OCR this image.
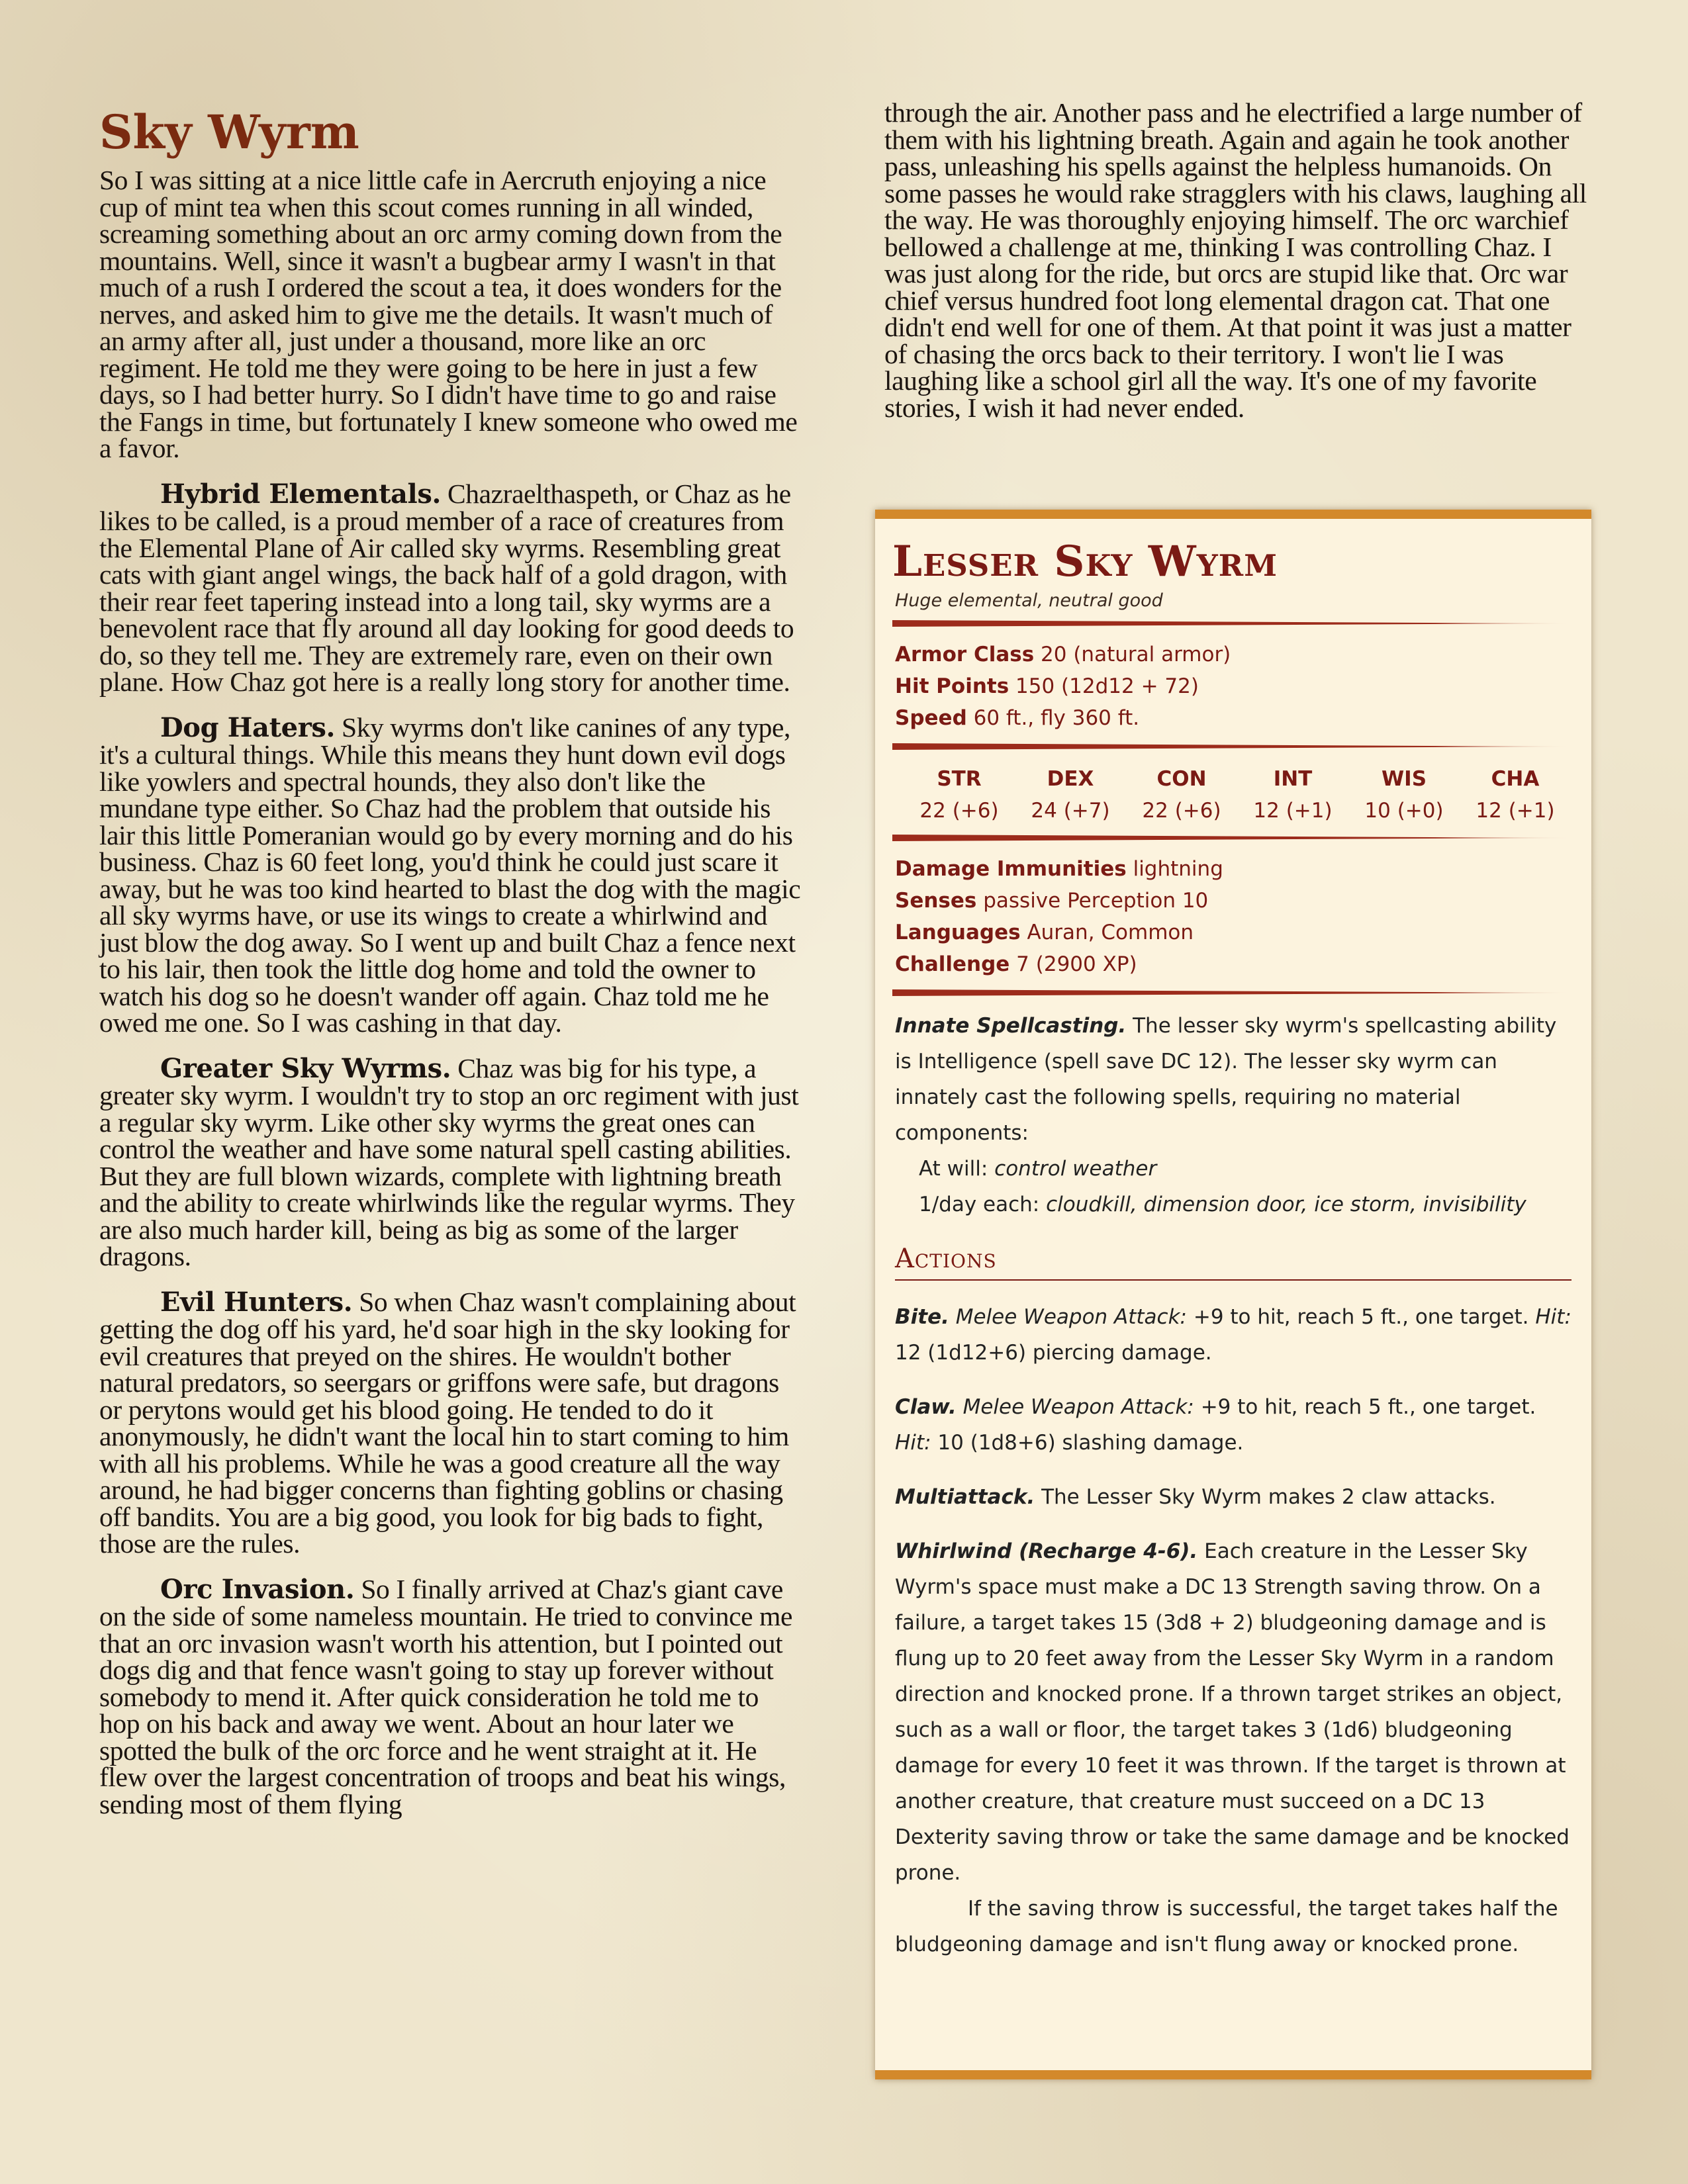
Sky Wyrm

So I was sitting at a nice little cafe in Aercruth enjoying a nice cup of mint tea when this scout comes running in all winded, screaming something about an orc army coming down from the mountains. Well, since it wasn't a bugbear army I wasn't in that much of a rush I ordered the scout a tea, it does wonders for the nerves, and asked him to give me the details. It wasn't much of an army after all, just under a thousand, more like an orc regiment. He told me they were going to be here in just a few days, so I had better hurry. So I didn't have time to go and raise the Fangs in time, but fortunately I knew someone who owed me a favor.

Hybrid Elementals. Chazraelthaspeth, or Chaz as he likes to be called, is a proud member of a race of creatures from the Elemental Plane of Air called sky wyrms. Resembling great cats with giant angel wings, the back half of a gold dragon, with their rear feet tapering instead into a long tail, sky wyrms are a benevolent race that fly around all day looking for good deeds to do, so they tell me. They are extremely rare, even on their own plane. How Chaz got here is a really long story for another time.

Dog Haters. Sky wyrms don't like canines of any type, it's a cultural things. While this means they hunt down evil dogs like yowlers and spectral hounds, they also don't like the mundane type either. So Chaz had the problem that outside his lair this little Pomeranian would go by every morning and do his business. Chaz is 60 feet long, you'd think he could just scare it away, but he was too kind hearted to blast the dog with the magic all sky wyrms have, or use its wings to create a whirlwind and just blow the dog away. So I went up and built Chaz a fence next to his lair, then took the little dog home and told the owner to watch his dog so he doesn't wander off again. Chaz told me he owed me one. So I was cashing in that day.

Greater Sky Wyrms. Chaz was big for his type, a greater sky wyrm. I wouldn't try to stop an orc regiment with just a regular sky wyrm. Like other sky wyrms the great ones can control the weather and have some natural spell casting abilities. But they are full blown wizards, complete with lightning breath and the ability to create whirlwinds like the regular wyrms. They are also much harder kill, being as big as some of the larger dragons.

Evil Hunters. So when Chaz wasn't complaining about getting the dog off his yard, he'd soar high in the sky looking for evil creatures that preyed on the shires. He wouldn't bother natural predators, so seergars or griffons were safe, but dragons or perytons would get his blood going. He tended to do it anonymously, he didn't want the local hin to start coming to him with all his problems. While he was a good creature all the way around, he had bigger concerns than fighting goblins or chasing off bandits. You are a big good, you look for big bads to fight, those are the rules.

Orc Invasion. So I finally arrived at Chaz's giant cave on the side of some nameless mountain. He tried to convince me that an orc invasion wasn't worth his attention, but I pointed out dogs dig and that fence wasn't going to stay up forever without somebody to mend it. After quick consideration he told me to hop on his back and away we went. About an hour later we spotted the bulk of the orc force and he went straight at it. He flew over the largest concentration of troops and beat his wings, sending most of them flying

through the air. Another pass and he electrified a large number of them with his lightning breath. Again and again he took another pass, unleashing his spells against the helpless humanoids. On some passes he would rake stragglers with his claws, laughing all the way. He was thoroughly enjoying himself. The orc warchief bellowed a challenge at me, thinking I was controlling Chaz. I was just along for the ride, but orcs are stupid like that. Orc war chief versus hundred foot long elemental dragon cat. That one didn't end well for one of them. At that point it was just a matter of chasing the orcs back to their territory. I won't lie I was laughing like a school girl all the way. It's one of my favorite stories, I wish it had never ended.

Lesser Sky Wyrm
Huge elemental, neutral good
Armor Class 20 (natural armor)
Hit Points 150 (12d12 + 72)
Speed 60 ft., fly 360 ft.
STR
22 (+6)
DEX
24 (+7)
CON
22 (+6)
INT
12 (+1)
WIS
10 (+0)
CHA
12 (+1)
Damage Immunities lightning
Senses passive Perception 10
Languages Auran, Common
Challenge 7 (2900 XP)
Innate Spellcasting. The lesser sky wyrm's spellcasting ability is Intelligence (spell save DC 12). The lesser sky wyrm can innately cast the following spells, requiring no material components:
At will: control weather
1/day each: cloudkill, dimension door, ice storm, invisibility
Actions
Bite. Melee Weapon Attack: +9 to hit, reach 5 ft., one target. Hit: 12 (1d12+6) piercing damage.
Claw. Melee Weapon Attack: +9 to hit, reach 5 ft., one target. Hit: 10 (1d8+6) slashing damage.
Multiattack. The Lesser Sky Wyrm makes 2 claw attacks.
Whirlwind (Recharge 4-6). Each creature in the Lesser Sky Wyrm's space must make a DC 13 Strength saving throw. On a failure, a target takes 15 (3d8 + 2) bludgeoning damage and is flung up to 20 feet away from the Lesser Sky Wyrm in a random direction and knocked prone. If a thrown target strikes an object, such as a wall or floor, the target takes 3 (1d6) bludgeoning damage for every 10 feet it was thrown. If the target is thrown at another creature, that creature must succeed on a DC 13 Dexterity saving throw or take the same damage and be knocked prone.
If the saving throw is successful, the target takes half the bludgeoning damage and isn't flung away or knocked prone.
